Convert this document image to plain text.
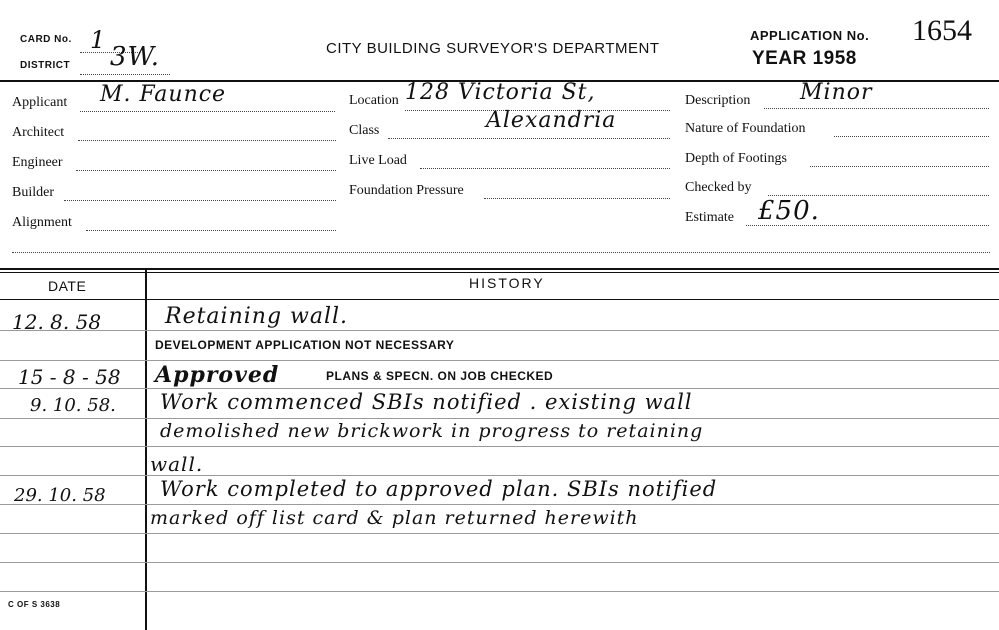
CARD No. 1
DISTRICT 3W.	CITY BUILDING SURVEYOR'S DEPARTMENT
APPLICATION No. 1654
YEAR 1958
Applicant M. Faunce
Architect
Engineer
Builder
Alignment
Location 128 Victoria St,
Class	Alexandria
Live Load
Foundation Pressure
Description Minor
Nature of Foundation
Depth of Footings
Checked by
Estimate £50.
DATE	HISTORY
12. 8. 58	Retaining wall.
DEVELOPMENT APPLICATION NOT NECESSARY
15 - 8 - 58 Approved	PLANS & SPECN. ON JOB CHECKED
9. 10. 58. Work commenced SBIs notified . existing wall
demolished new brickwork in progress to retaining
wall.
29. 10. 58	Work completed to approved plan. SBIs notified
marked off list card & plan returned herewith
C OF S 3638
